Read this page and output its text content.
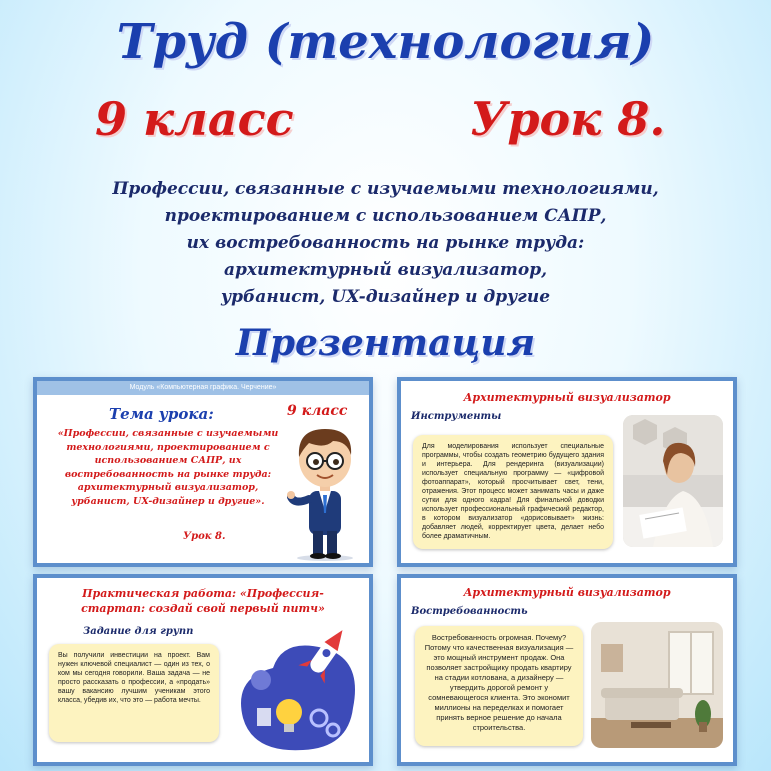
Труд (технология)
9 класс	Урок 8.
Профессии, связанные с изучаемыми технологиями,
проектированием с использованием САПР,
их востребованность на рынке труда:
архитектурный визуализатор,
урбанист, UX-дизайнер и другие
Презентация
Модуль «Компьютерная графика. Черчение»
Тема урока:	9 класс
«Профессии, связанные с изучаемыми технологиями, проектированием с использованием САПР, их востребованность на рынке труда: архитектурный визуализатор, урбанист, UX-дизайнер и другие».
Урок 8.
Архитектурный визуализатор
Инструменты
Для моделирования использует специальные программы, чтобы создать геометрию будущего здания и интерьера. Для рендеринга (визуализации) использует специальную программу — «цифровой фотоаппарат», который просчитывает свет, тени, отражения. Этот процесс может занимать часы и даже сутки для одного кадра! Для финальной доводки использует профессиональный графический редактор, в котором визуализатор «дорисовывает» жизнь: добавляет людей, корректирует цвета, делает небо более драматичным.
Практическая работа: «Профессия-
стартап: создай свой первый питч»
Задание для групп
Вы получили инвестиции на проект. Вам нужен ключевой специалист — один из тех, о ком мы сегодня говорили. Ваша задача — не просто рассказать о профессии, а «продать» вашу вакансию лучшим ученикам этого класса, убедив их, что это — работа мечты.
Архитектурный визуализатор
Востребованность
Востребованность огромная. Почему? Потому что качественная визуализация — это мощный инструмент продаж. Она позволяет застройщику продать квартиру на стадии котлована, а дизайнеру — утвердить дорогой ремонт у сомневающегося клиента. Это экономит миллионы на переделках и помогает принять верное решение до начала строительства.
